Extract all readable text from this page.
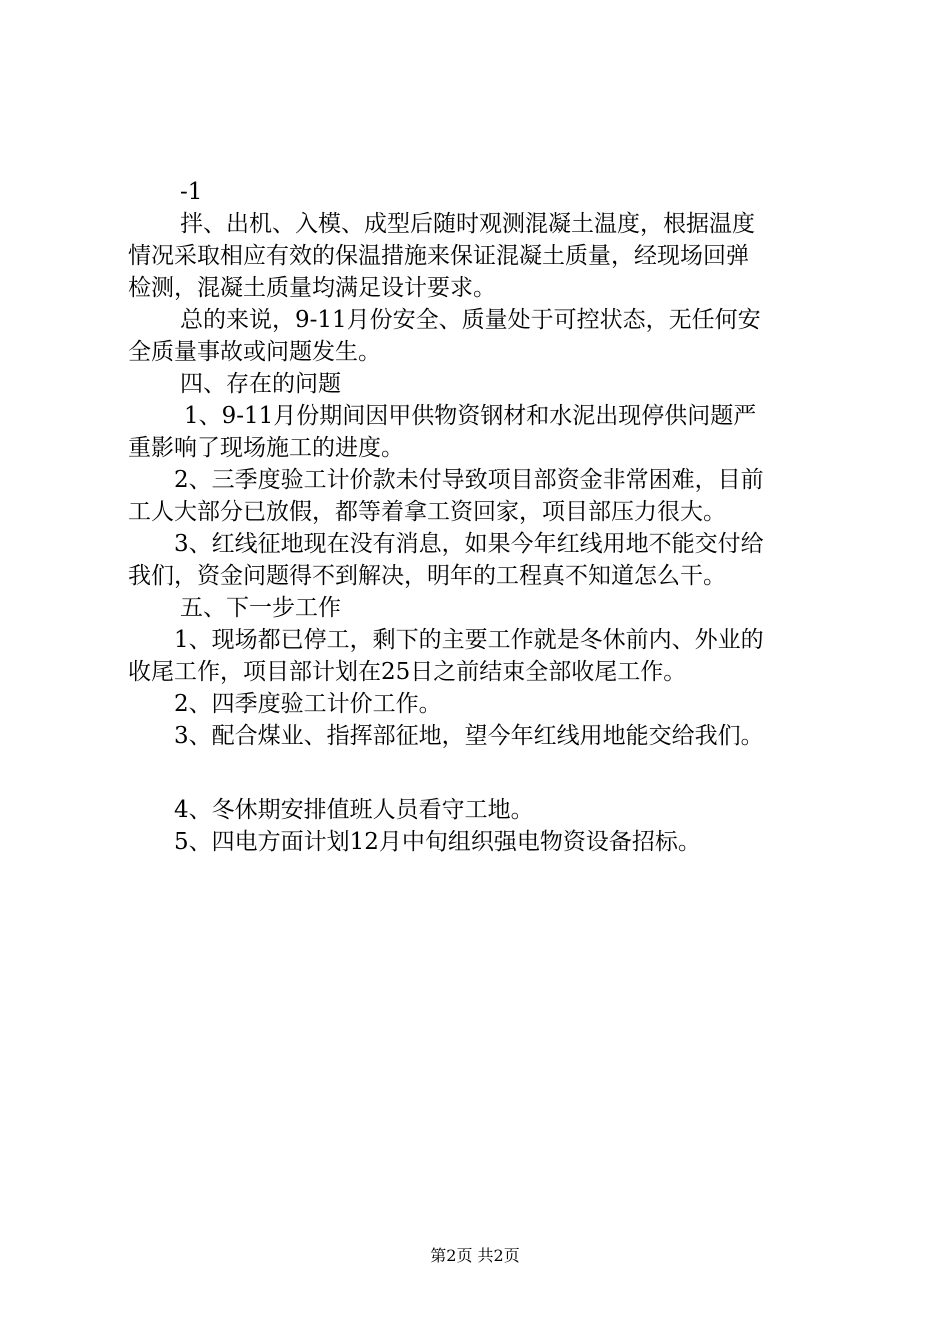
-1
拌、出机、入模、成型后随时观测混凝土温度，根据温度
情况采取相应有效的保温措施来保证混凝土质量，经现场回弹
检测，混凝土质量均满足设计要求。
总的来说，9-11月份安全、质量处于可控状态，无任何安
全质量事故或问题发生。
四、存在的问题
1、9-11月份期间因甲供物资钢材和水泥出现停供问题严
重影响了现场施工的进度。
2、三季度验工计价款未付导致项目部资金非常困难，目前
工人大部分已放假，都等着拿工资回家，项目部压力很大。
3、红线征地现在没有消息，如果今年红线用地不能交付给
我们，资金问题得不到解决，明年的工程真不知道怎么干。
五、下一步工作
1、现场都已停工，剩下的主要工作就是冬休前内、外业的
收尾工作，项目部计划在25日之前结束全部收尾工作。
2、四季度验工计价工作。
3、配合煤业、指挥部征地，望今年红线用地能交给我们。
4、冬休期安排值班人员看守工地。
5、四电方面计划12月中旬组织强电物资设备招标。
第2页 共2页
